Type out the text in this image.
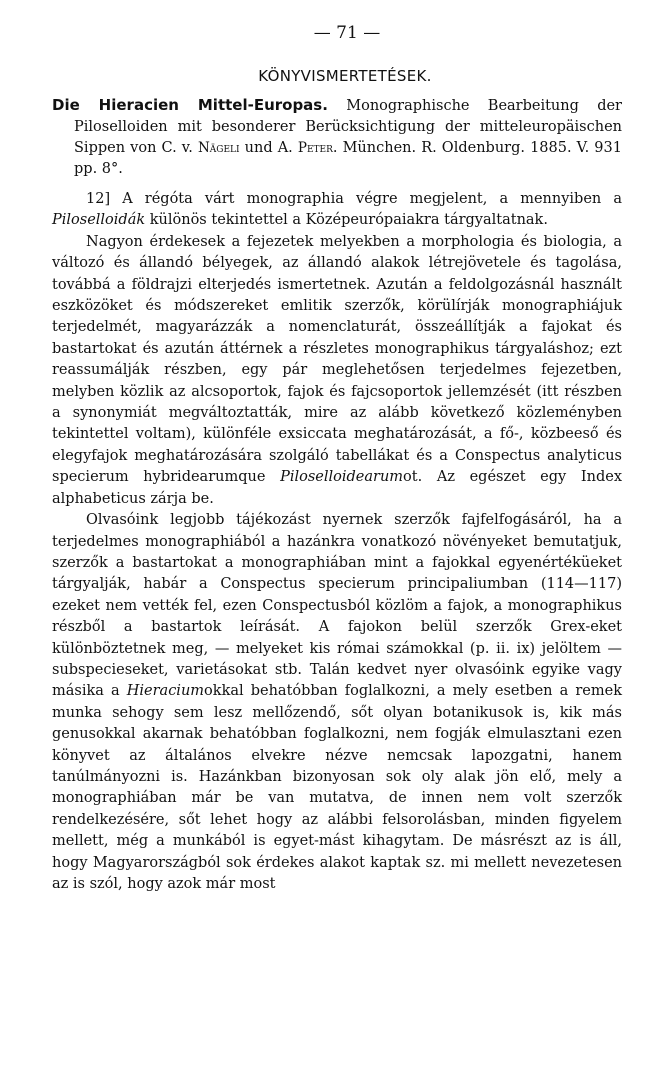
— 71 —
KÖNYVISMERTETÉSEK.
Die Hieracien Mittel-Europas. Monographische Bearbeitung der Piloselloiden mit besonderer Berücksichtigung der mitteleuropäischen Sippen von C. v. Nägeli und A. Peter. München. R. Oldenburg. 1885. V. 931 pp. 8°.

12] A régóta várt monographia végre megjelent, a mennyiben a Piloselloidák különös tekintettel a Középeurópaiakra tárgyaltatnak.

Nagyon érdekesek a fejezetek melyekben a morphologia és biologia, a változó és állandó bélyegek, az állandó alakok létrejövetele és tagolása, továbbá a földrajzi elterjedés ismertetnek. Azután a feldolgozásnál használt eszközöket és módszereket emlitik szerzők, körülírják monographiájuk terjedelmét, magyarázzák a nomenclaturát, összeállítják a fajokat és bastartokat és azután áttérnek a részletes monographikus tárgyaláshoz; ezt reassumálják részben, egy pár meglehetősen terjedelmes fejezetben, melyben közlik az alcsoportok, fajok és fajcsoportok jellemzését (itt részben a synonymiát megváltoztatták, mire az alább következő közleményben tekintettel voltam), különféle exsiccata meghatározását, a fő-, közbeeső és elegyfajok meghatározására szolgáló tabellákat és a Conspectus analyticus specierum hybridearumque Piloselloidearumot. Az egészet egy Index alphabeticus zárja be.

Olvasóink legjobb tájékozást nyernek szerzők fajfelfogásáról, ha a terjedelmes monographiából a hazánkra vonatkozó növényeket bemutatjuk, szerzők a bastartokat a monographiában mint a fajokkal egyenértéküeket tárgyalják, habár a Conspectus specierum principaliumban (114—117) ezeket nem vették fel, ezen Conspectusból közlöm a fajok, a monographikus részből a bastartok leírását. A fajokon belül szerzők Grex-eket különböztetnek meg, — melyeket kis római számokkal (p. ii. ix) jelöltem — subspecieseket, varietásokat stb. Talán kedvet nyer olvasóink egyike vagy másika a Hieraciumokkal behatóbban foglalkozni, a mely esetben a remek munka sehogy sem lesz mellőzendő, sőt olyan botanikusok is, kik más genusokkal akarnak behatóbban foglalkozni, nem fogják elmulasztani ezen könyvet az általános elvekre nézve nemcsak lapozgatni, hanem tanúlmányozni is. Hazánkban bizonyosan sok oly alak jön elő, mely a monographiában már be van mutatva, de innen nem volt szerzők rendelkezésére, sőt lehet hogy az alábbi felsorolásban, minden figyelem mellett, még a munkából is egyet-mást kihagytam. De másrészt az is áll, hogy Magyarországból sok érdekes alakot kaptak sz. mi mellett nevezetesen az is szól, hogy azok már most
